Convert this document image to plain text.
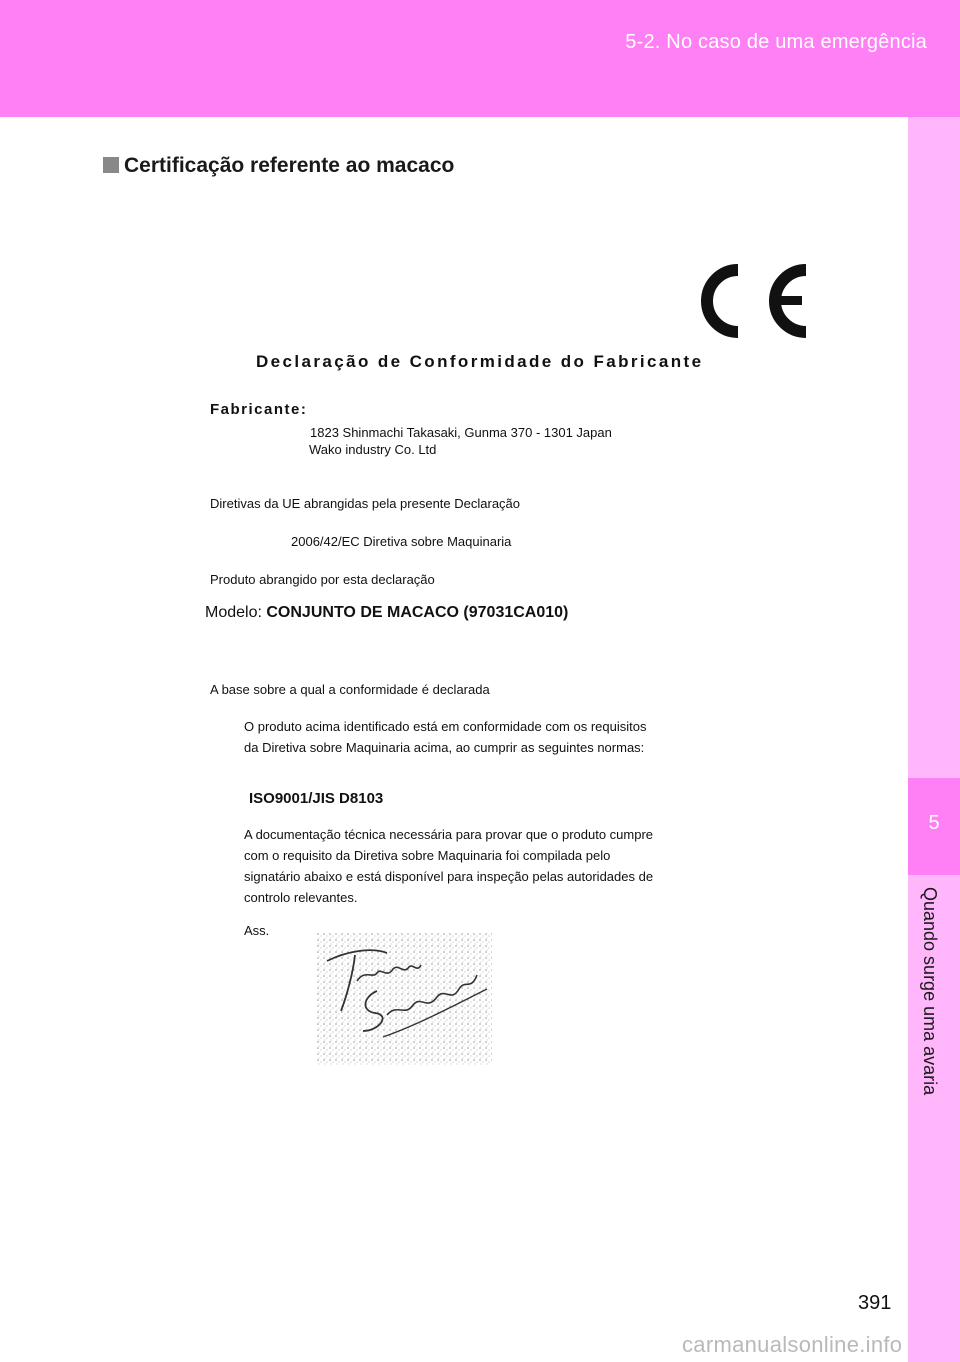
5-2. No caso de uma emergência
5
Quando surge uma avaria
Certificação referente ao macaco
Declaração de Conformidade do Fabricante
Fabricante:
1823 Shinmachi Takasaki, Gunma 370 - 1301 Japan
Wako industry Co. Ltd
Diretivas da UE abrangidas pela presente Declaração
2006/42/EC Diretiva sobre Maquinaria
Produto abrangido por esta declaração
Modelo: CONJUNTO DE MACACO (97031CA010)
A base sobre a qual a conformidade é declarada
O produto acima identificado está em conformidade com os requisitos
da Diretiva sobre Maquinaria acima, ao cumprir as seguintes normas:
ISO9001/JIS D8103
A documentação técnica necessária para provar que o produto cumpre
com o requisito da Diretiva sobre Maquinaria foi compilada pelo
signatário abaixo e está disponível para inspeção pelas autoridades de
controlo relevantes.
Ass.
391
carmanualsonline.info
